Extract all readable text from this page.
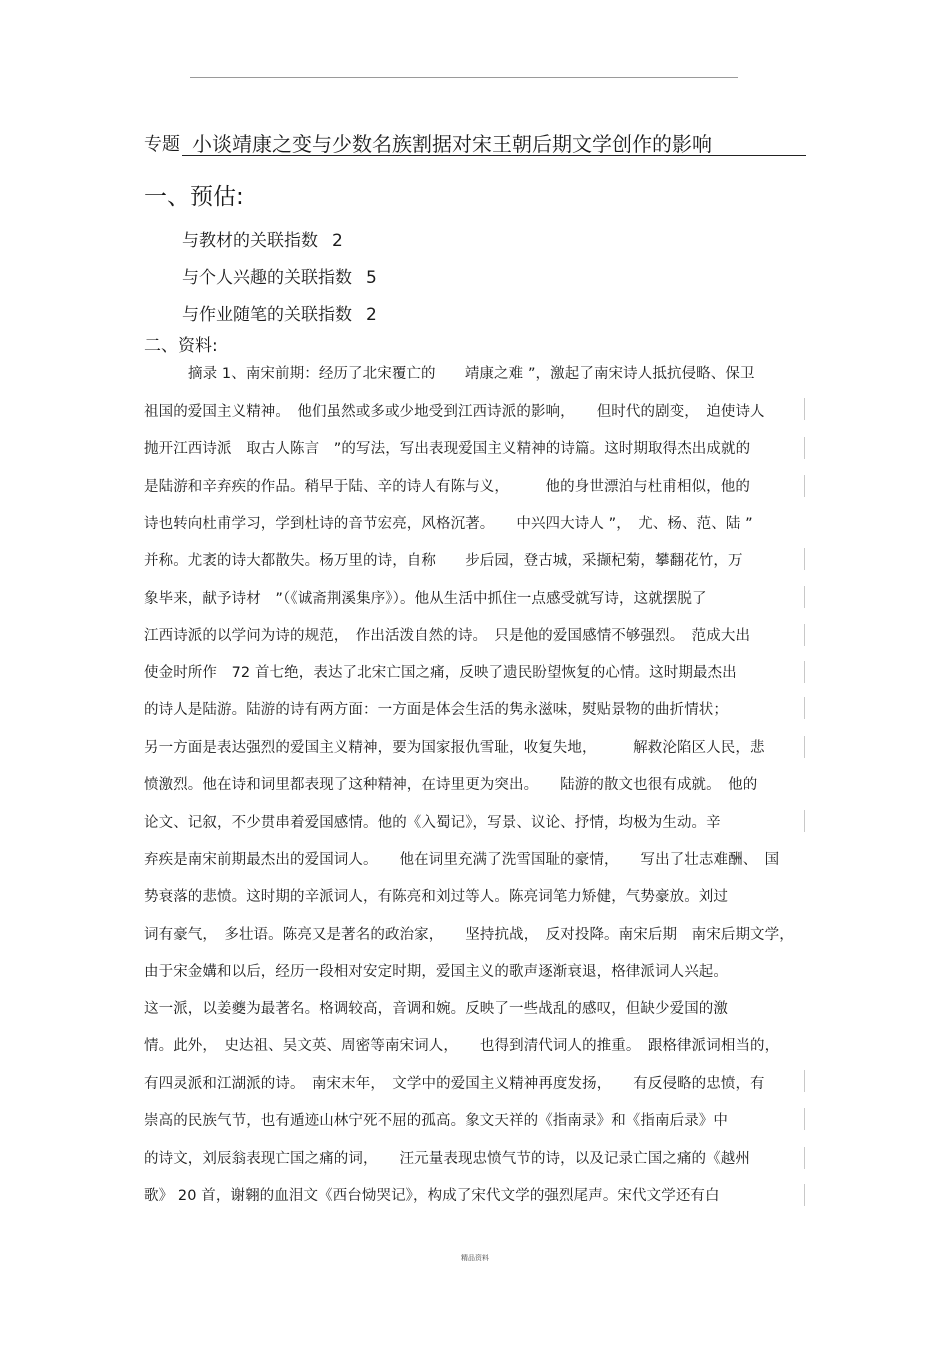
专题 小谈靖康之变与少数名族割据对宋王朝后期文学创作的影响
一、预估:
与教材的关联指数 2
与个人兴趣的关联指数 5
与作业随笔的关联指数 2
二、资料:
摘录 1、南宋前期：经历了北宋覆亡的　　靖康之难 ”，激起了南宋诗人抵抗侵略、保卫
祖国的爱国主义精神。　他们虽然或多或少地受到江西诗派的影响，　　但时代的剧变，　迫使诗人
抛开江西诗派　取古人陈言　”的写法，写出表现爱国主义精神的诗篇。这时期取得杰出成就的
是陆游和辛弃疾的作品。稍早于陆、辛的诗人有陈与义，　　　他的身世漂泊与杜甫相似，他的
诗也转向杜甫学习，学到杜诗的音节宏亮，风格沉著。　　中兴四大诗人 ”，　尤、杨、范、陆 ”
并称。尤袤的诗大都散失。杨万里的诗，自称　　步后园，登古城，采撷杞菊，攀翻花竹，万
象毕来，献予诗材　”（《诚斋荆溪集序》）。他从生活中抓住一点感受就写诗，这就摆脱了
江西诗派的以学问为诗的规范，　作出活泼自然的诗。　只是他的爱国感情不够强烈。　范成大出
使金时所作　72 首七绝，表达了北宋亡国之痛，反映了遗民盼望恢复的心情。这时期最杰出
的诗人是陆游。陆游的诗有两方面：一方面是体会生活的隽永滋味，熨贴景物的曲折情状；
另一方面是表达强烈的爱国主义精神，要为国家报仇雪耻，收复失地，　　　解救沦陷区人民，悲
愤激烈。他在诗和词里都表现了这种精神，在诗里更为突出。　　陆游的散文也很有成就。　他的
论文、记叙，不少贯串着爱国感情。他的《入蜀记》，写景、议论、抒情，均极为生动。辛
弃疾是南宋前期最杰出的爱国词人。　　他在词里充满了洗雪国耻的豪情，　　写出了壮志难酬、　国
势衰落的悲愤。这时期的辛派词人，有陈亮和刘过等人。陈亮词笔力矫健，气势豪放。刘过
词有豪气，　多壮语。陈亮又是著名的政治家，　　坚持抗战，　反对投降。南宋后期　南宋后期文学，
由于宋金媾和以后，经历一段相对安定时期，爱国主义的歌声逐渐衰退，格律派词人兴起。
这一派，以姜夔为最著名。格调较高，音调和婉。反映了一些战乱的感叹，但缺少爱国的激
情。此外，　史达祖、吴文英、周密等南宋词人，　　也得到清代词人的推重。　跟格律派词相当的，
有四灵派和江湖派的诗。　南宋末年，　文学中的爱国主义精神再度发扬，　　有反侵略的忠愤，有
崇高的民族气节，也有遁迹山林宁死不屈的孤高。象文天祥的《指南录》和《指南后录》中
的诗文，刘辰翁表现亡国之痛的词，　　汪元量表现忠愤气节的诗，以及记录亡国之痛的《越州
歌》 20 首，谢翱的血泪文《西台恸哭记》，构成了宋代文学的强烈尾声。宋代文学还有白
精品资料
